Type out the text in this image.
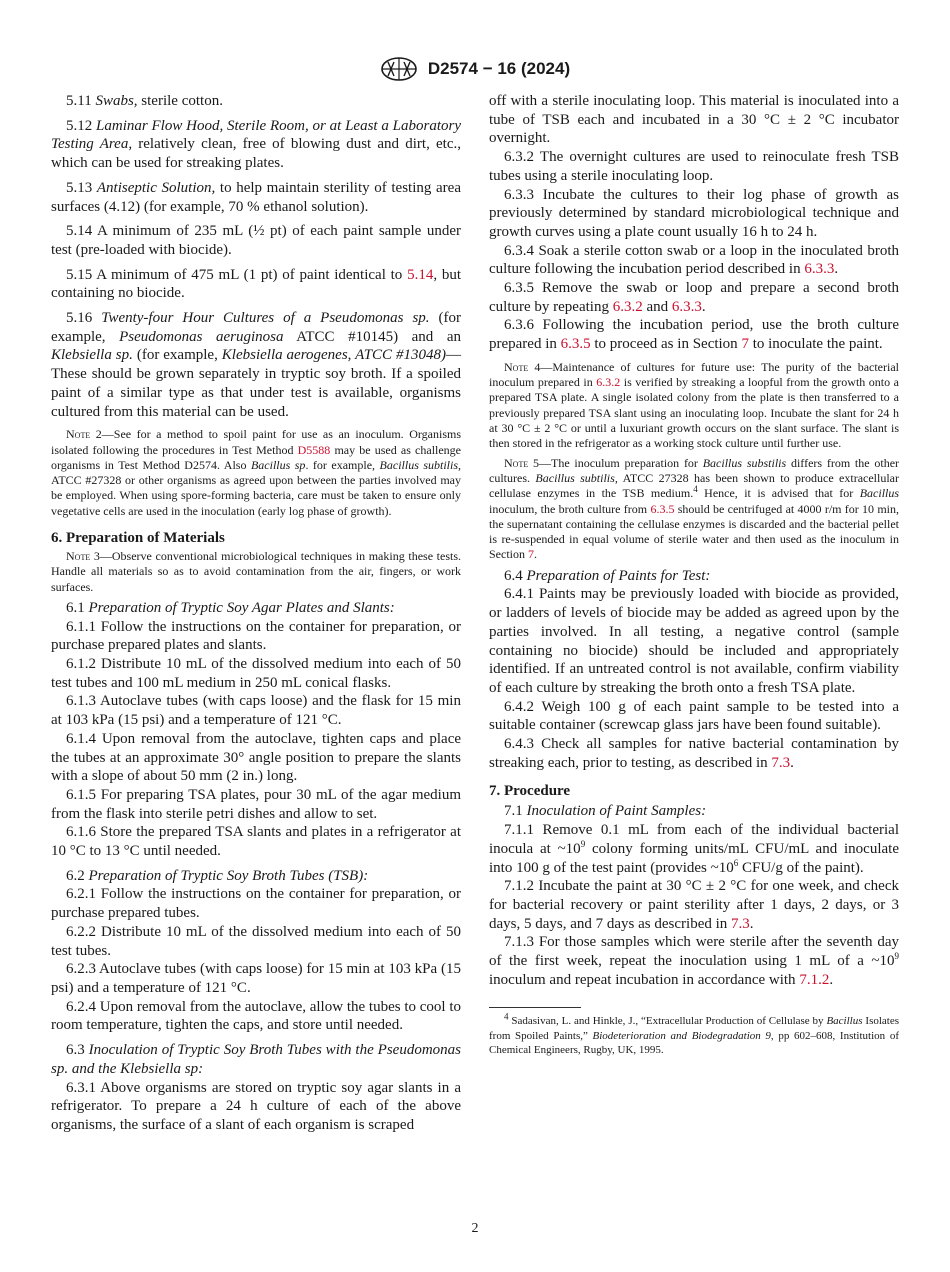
D2574 − 16 (2024)

5.11 Swabs, sterile cotton.

5.12 Laminar Flow Hood, Sterile Room, or at Least a Laboratory Testing Area, relatively clean, free of blowing dust and dirt, etc., which can be used for streaking plates.

5.13 Antiseptic Solution, to help maintain sterility of testing area surfaces (4.12) (for example, 70 % ethanol solution).

5.14 A minimum of 235 mL (½ pt) of each paint sample under test (pre-loaded with biocide).

5.15 A minimum of 475 mL (1 pt) of paint identical to 5.14, but containing no biocide.

5.16 Twenty-four Hour Cultures of a Pseudomonas sp. (for example, Pseudomonas aeruginosa ATCC #10145) and an Klebsiella sp. (for example, Klebsiella aerogenes, ATCC #13048)—These should be grown separately in tryptic soy broth. If a spoiled paint of a similar type as that under test is available, organisms cultured from this material can be used.

Note 2—See for a method to spoil paint for use as an inoculum. Organisms isolated following the procedures in Test Method D5588 may be used as challenge organisms in Test Method D2574. Also Bacillus sp. for example, Bacillus subtilis, ATCC #27328 or other organisms as agreed upon between the parties involved may be employed. When using spore-forming bacteria, care must be taken to ensure only vegetative cells are used in the inoculation (early log phase of growth).

6. Preparation of Materials

Note 3—Observe conventional microbiological techniques in making these tests. Handle all materials so as to avoid contamination from the air, fingers, or work surfaces.

6.1 Preparation of Tryptic Soy Agar Plates and Slants:

6.1.1 Follow the instructions on the container for preparation, or purchase prepared plates and slants.

6.1.2 Distribute 10 mL of the dissolved medium into each of 50 test tubes and 100 mL medium in 250 mL conical flasks.

6.1.3 Autoclave tubes (with caps loose) and the flask for 15 min at 103 kPa (15 psi) and a temperature of 121 °C.

6.1.4 Upon removal from the autoclave, tighten caps and place the tubes at an approximate 30° angle position to prepare the slants with a slope of about 50 mm (2 in.) long.

6.1.5 For preparing TSA plates, pour 30 mL of the agar medium from the flask into sterile petri dishes and allow to set.

6.1.6 Store the prepared TSA slants and plates in a refrigerator at 10 °C to 13 °C until needed.

6.2 Preparation of Tryptic Soy Broth Tubes (TSB):

6.2.1 Follow the instructions on the container for preparation, or purchase prepared tubes.

6.2.2 Distribute 10 mL of the dissolved medium into each of 50 test tubes.

6.2.3 Autoclave tubes (with caps loose) for 15 min at 103 kPa (15 psi) and a temperature of 121 °C.

6.2.4 Upon removal from the autoclave, allow the tubes to cool to room temperature, tighten the caps, and store until needed.

6.3 Inoculation of Tryptic Soy Broth Tubes with the Pseudomonas sp. and the Klebsiella sp:

6.3.1 Above organisms are stored on tryptic soy agar slants in a refrigerator. To prepare a 24 h culture of each of the above organisms, the surface of a slant of each organism is scraped

off with a sterile inoculating loop. This material is inoculated into a tube of TSB each and incubated in a 30 °C ± 2 °C incubator overnight.

6.3.2 The overnight cultures are used to reinoculate fresh TSB tubes using a sterile inoculating loop.

6.3.3 Incubate the cultures to their log phase of growth as previously determined by standard microbiological technique and growth curves using a plate count usually 16 h to 24 h.

6.3.4 Soak a sterile cotton swab or a loop in the inoculated broth culture following the incubation period described in 6.3.3.

6.3.5 Remove the swab or loop and prepare a second broth culture by repeating 6.3.2 and 6.3.3.

6.3.6 Following the incubation period, use the broth culture prepared in 6.3.5 to proceed as in Section 7 to inoculate the paint.

Note 4—Maintenance of cultures for future use: The purity of the bacterial inoculum prepared in 6.3.2 is verified by streaking a loopful from the growth onto a prepared TSA plate. A single isolated colony from the plate is then transferred to a previously prepared TSA slant using an inoculating loop. Incubate the slant for 24 h at 30 °C ± 2 °C or until a luxuriant growth occurs on the slant surface. The slant is then stored in the refrigerator as a working stock culture until further use.

Note 5—The inoculum preparation for Bacillus substilis differs from the other cultures. Bacillus subtilis, ATCC 27328 has been shown to produce extracellular cellulase enzymes in the TSB medium.$^4$ Hence, it is advised that for Bacillus inoculum, the broth culture from 6.3.5 should be centrifuged at 4000 r/m for 10 min, the supernatant containing the cellulase enzymes is discarded and the bacterial pellet is re-suspended in equal volume of sterile water and then used as the inoculum in Section 7.

6.4 Preparation of Paints for Test:

6.4.1 Paints may be previously loaded with biocide as provided, or ladders of levels of biocide may be added as agreed upon by the parties involved. In all testing, a negative control (sample containing no biocide) should be included and appropriately identified. If an untreated control is not available, confirm viability of each culture by streaking the broth onto a fresh TSA plate.

6.4.2 Weigh 100 g of each paint sample to be tested into a suitable container (screwcap glass jars have been found suitable).

6.4.3 Check all samples for native bacterial contamination by streaking each, prior to testing, as described in 7.3.

7. Procedure

7.1 Inoculation of Paint Samples:

7.1.1 Remove 0.1 mL from each of the individual bacterial inocula at $\sim 10^9$ colony forming units/mL CFU/mL and inoculate into 100 g of the test paint (provides $\sim 10^6$ CFU/g of the paint).

7.1.2 Incubate the paint at 30 °C ± 2 °C for one week, and check for bacterial recovery or paint sterility after 1 days, 2 days, or 3 days, 5 days, and 7 days as described in 7.3.

7.1.3 For those samples which were sterile after the seventh day of the first week, repeat the inoculation using 1 mL of a $\sim 10^9$ inoculum and repeat incubation in accordance with 7.1.2.

$^4$ Sadasivan, L. and Hinkle, J., “Extracellular Production of Cellulase by Bacillus Isolates from Spoiled Paints,” Biodeterioration and Biodegradation 9, pp 602–608, Institution of Chemical Engineers, Rugby, UK, 1995.

2
